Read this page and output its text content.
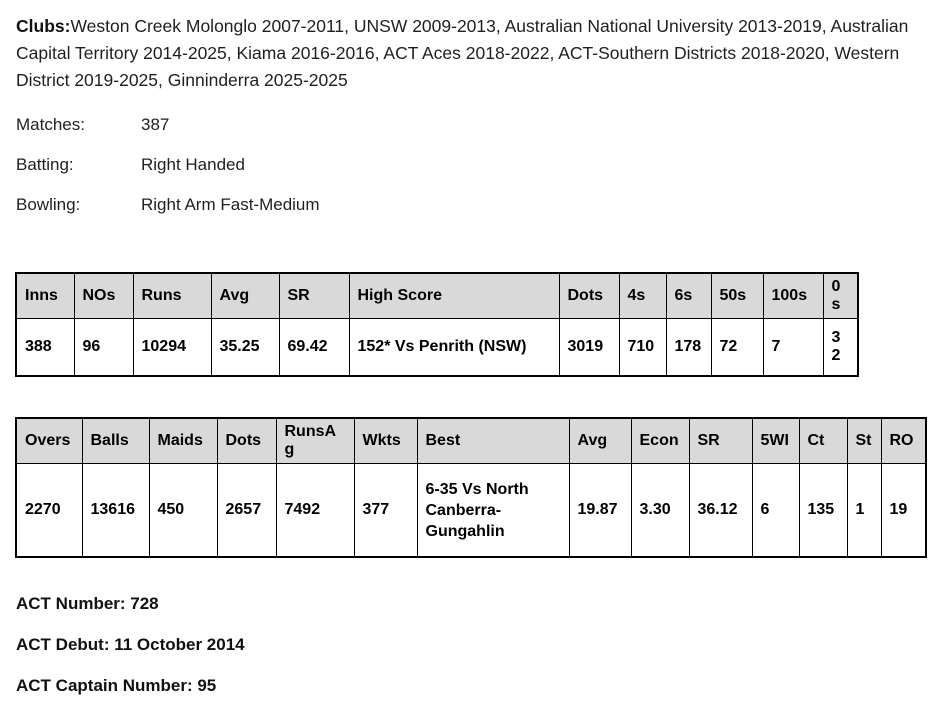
Clubs:Weston Creek Molonglo 2007-2011, UNSW 2009-2013, Australian National University 2013-2019, Australian Capital Territory 2014-2025, Kiama 2016-2016, ACT Aces 2018-2022, ACT-Southern Districts 2018-2020, Western District 2019-2025, Ginninderra 2025-2025

Matches:	387
Batting:	Right Handed
Bowling:	Right Arm Fast-Medium
Inns	NOs	Runs	Avg	SR	High Score	Dots	4s	6s	50s	100s	0s
388	96	10294	35.25	69.42	152* Vs Penrith (NSW)	3019	710	178	72	7	32
Overs	Balls	Maids	Dots	RunsAg	Wkts	Best	Avg	Econ	SR	5WI	Ct	St	RO
2270	13616	450	2657	7492	377	6-35 Vs North Canberra-Gungahlin	19.87	3.30	36.12	6	135	1	19
ACT Number: 728
ACT Debut: 11 October 2014
ACT Captain Number: 95
